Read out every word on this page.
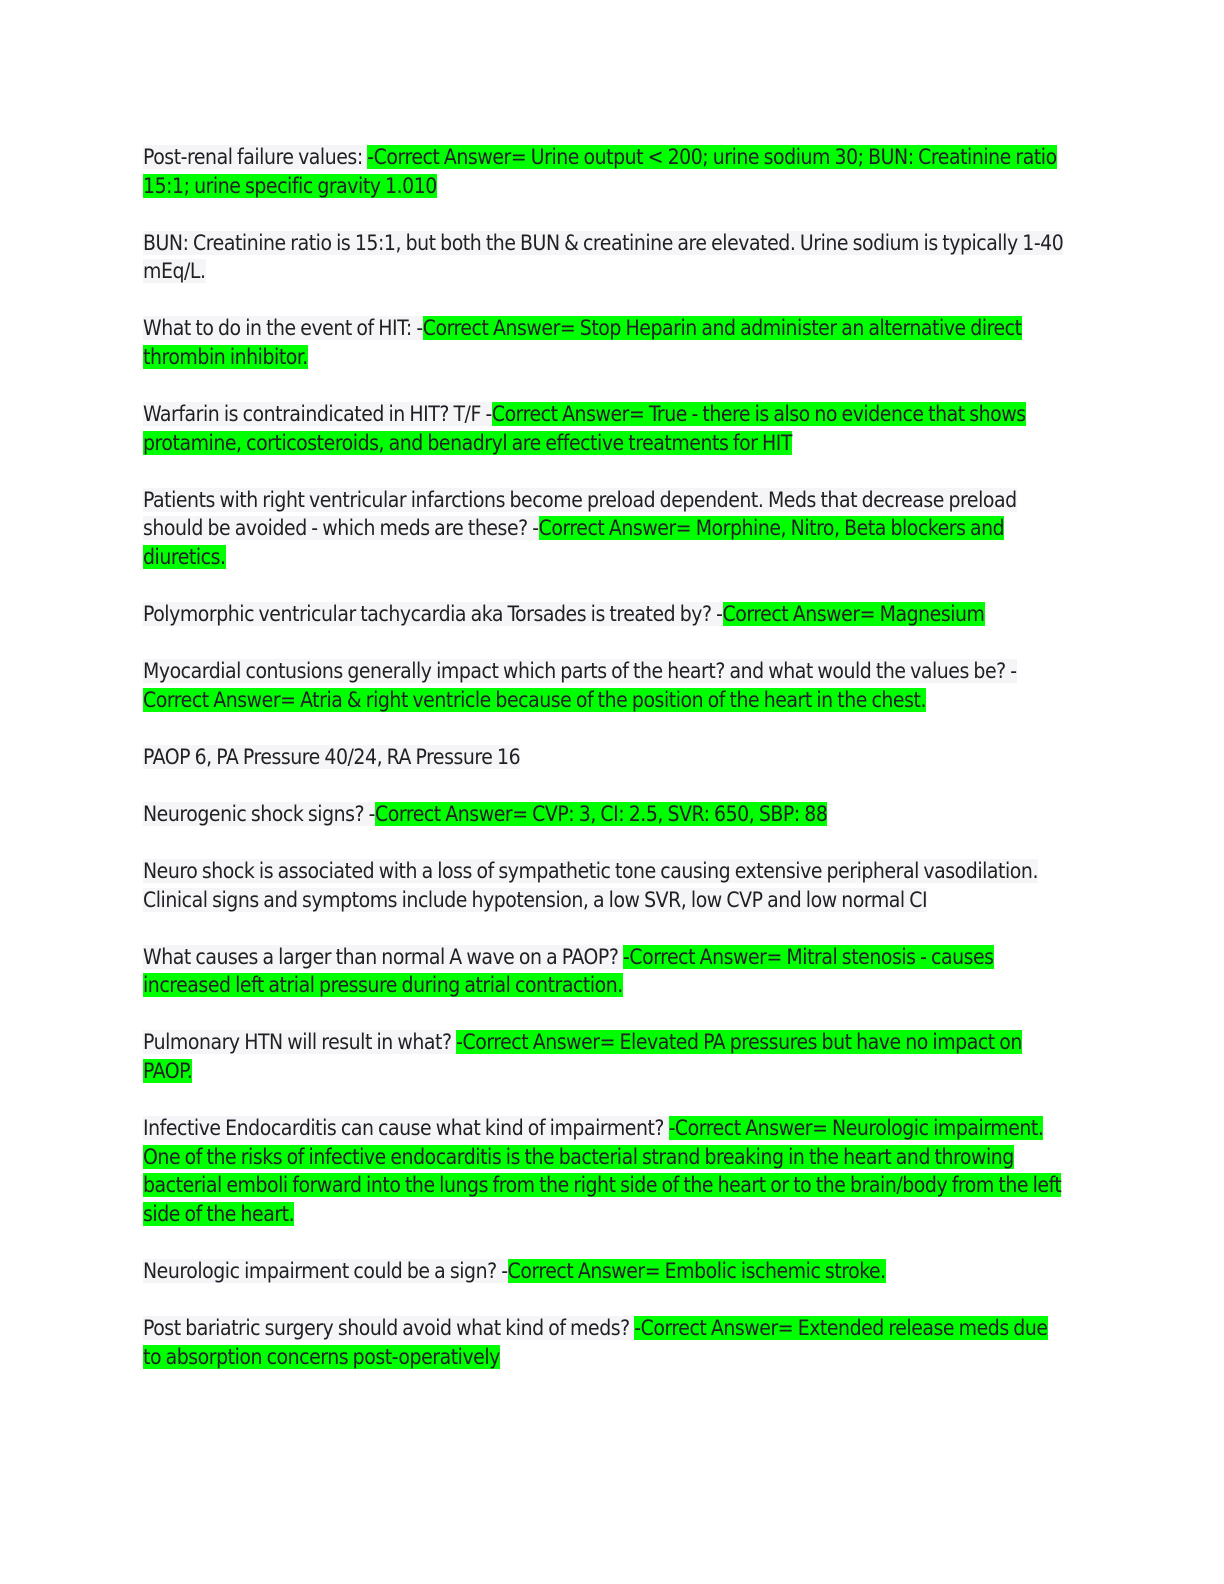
Post-renal failure values: -Correct Answer= Urine output < 200; urine sodium 30; BUN: Creatinine ratio 15:1; urine specific gravity 1.010

BUN: Creatinine ratio is 15:1, but both the BUN & creatinine are elevated. Urine sodium is typically 1-40 mEq/L.

What to do in the event of HIT: -Correct Answer= Stop Heparin and administer an alternative direct thrombin inhibitor.

Warfarin is contraindicated in HIT? T/F -Correct Answer= True - there is also no evidence that shows protamine, corticosteroids, and benadryl are effective treatments for HIT

Patients with right ventricular infarctions become preload dependent. Meds that decrease preload should be avoided - which meds are these? -Correct Answer= Morphine, Nitro, Beta blockers and diuretics.

Polymorphic ventricular tachycardia aka Torsades is treated by? -Correct Answer= Magnesium

Myocardial contusions generally impact which parts of the heart? and what would the values be? -Correct Answer= Atria & right ventricle because of the position of the heart in the chest.

PAOP 6, PA Pressure 40/24, RA Pressure 16

Neurogenic shock signs? -Correct Answer= CVP: 3, CI: 2.5, SVR: 650, SBP: 88

Neuro shock is associated with a loss of sympathetic tone causing extensive peripheral vasodilation. Clinical signs and symptoms include hypotension, a low SVR, low CVP and low normal CI

What causes a larger than normal A wave on a PAOP? -Correct Answer= Mitral stenosis - causes increased left atrial pressure during atrial contraction.

Pulmonary HTN will result in what? -Correct Answer= Elevated PA pressures but have no impact on PAOP.

Infective Endocarditis can cause what kind of impairment? -Correct Answer= Neurologic impairment. One of the risks of infective endocarditis is the bacterial strand breaking in the heart and throwing bacterial emboli forward into the lungs from the right side of the heart or to the brain/body from the left side of the heart.

Neurologic impairment could be a sign? -Correct Answer= Embolic ischemic stroke.

Post bariatric surgery should avoid what kind of meds? -Correct Answer= Extended release meds due to absorption concerns post-operatively
